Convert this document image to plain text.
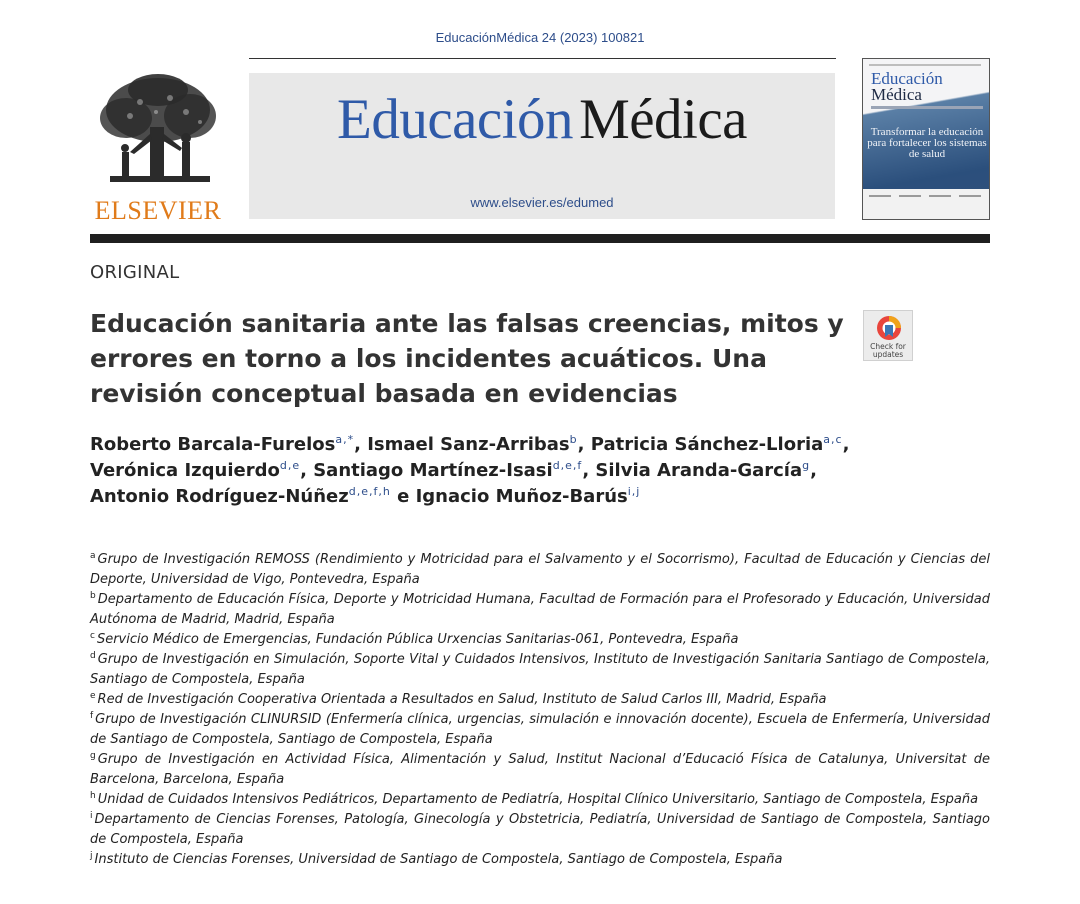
EducaciónMédica 24 (2023) 100821
ELSEVIER
Educación Médica
www.elsevier.es/edumed
Educación
Médica
Transformar la educación para fortalecer los sistemas de salud
ORIGINAL
Educación sanitaria ante las falsas creencias, mitos y errores en torno a los incidentes acuáticos. Una revisión conceptual basada en evidencias
Check for updates
Roberto Barcala-Furelos$^{a,*}$, Ismael Sanz-Arribas$^b$, Patricia Sánchez-Lloria$^{a,c}$,
Verónica Izquierdo$^{d,e}$, Santiago Martínez-Isasi$^{d,e,f}$, Silvia Aranda-García$^g$,
Antonio Rodríguez-Núñez$^{d,e,f,h}$ e Ignacio Muñoz-Barús$^{i,j}$

$^a$ Grupo de Investigación REMOSS (Rendimiento y Motricidad para el Salvamento y el Socorrismo), Facultad de Educación y Ciencias del Deporte, Universidad de Vigo, Pontevedra, España

$^b$ Departamento de Educación Física, Deporte y Motricidad Humana, Facultad de Formación para el Profesorado y Educación, Universidad Autónoma de Madrid, Madrid, España

$^c$ Servicio Médico de Emergencias, Fundación Pública Urxencias Sanitarias-061, Pontevedra, España

$^d$ Grupo de Investigación en Simulación, Soporte Vital y Cuidados Intensivos, Instituto de Investigación Sanitaria Santiago de Compostela, Santiago de Compostela, España

$^e$ Red de Investigación Cooperativa Orientada a Resultados en Salud, Instituto de Salud Carlos III, Madrid, España

$^f$ Grupo de Investigación CLINURSID (Enfermería clínica, urgencias, simulación e innovación docente), Escuela de Enfermería, Universidad de Santiago de Compostela, Santiago de Compostela, España

$^g$ Grupo de Investigación en Actividad Física, Alimentación y Salud, Institut Nacional d’Educació Física de Catalunya, Universitat de Barcelona, Barcelona, España

$^h$ Unidad de Cuidados Intensivos Pediátricos, Departamento de Pediatría, Hospital Clínico Universitario, Santiago de Compostela, España

$^i$ Departamento de Ciencias Forenses, Patología, Ginecología y Obstetricia, Pediatría, Universidad de Santiago de Compostela, Santiago de Compostela, España

$^j$ Instituto de Ciencias Forenses, Universidad de Santiago de Compostela, Santiago de Compostela, España
